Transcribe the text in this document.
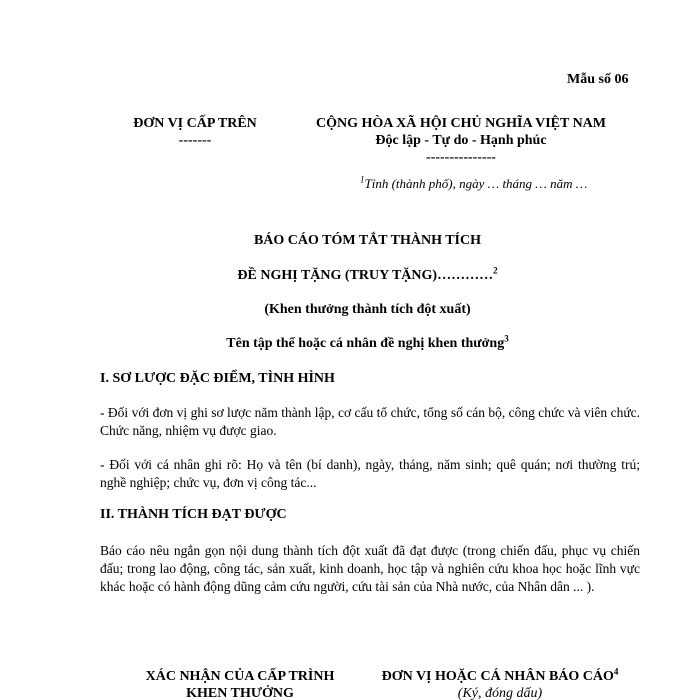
Mẫu số 06
ĐƠN VỊ CẤP TRÊN
-------
CỘNG HÒA XÃ HỘI CHỦ NGHĨA VIỆT NAM
Độc lập - Tự do - Hạnh phúc
---------------
$^1$Tỉnh (thành phố), ngày … tháng … năm …
BÁO CÁO TÓM TẮT THÀNH TÍCH
ĐỀ NGHỊ TẶNG (TRUY TẶNG)…………$^2$
(Khen thưởng thành tích đột xuất)
Tên tập thể hoặc cá nhân đề nghị khen thưởng$^3$
I. SƠ LƯỢC ĐẶC ĐIỂM, TÌNH HÌNH
- Đối với đơn vị ghi sơ lược năm thành lập, cơ cấu tổ chức, tổng số cán bộ, công chức và viên chức. Chức năng, nhiệm vụ được giao.
- Đối với cá nhân ghi rõ: Họ và tên (bí danh), ngày, tháng, năm sinh; quê quán; nơi thường trú; nghề nghiệp; chức vụ, đơn vị công tác...
II. THÀNH TÍCH ĐẠT ĐƯỢC
Báo cáo nêu ngắn gọn nội dung thành tích đột xuất đã đạt được (trong chiến đấu, phục vụ chiến đấu; trong lao động, công tác, sản xuất, kinh doanh, học tập và nghiên cứu khoa học hoặc lĩnh vực khác hoặc có hành động dũng cảm cứu người, cứu tài sản của Nhà nước, của Nhân dân ... ).
XÁC NHẬN CỦA CẤP TRÌNH
KHEN THƯỞNG
ĐƠN VỊ HOẶC CÁ NHÂN BÁO CÁO$^4$
(Ký, đóng dấu)
